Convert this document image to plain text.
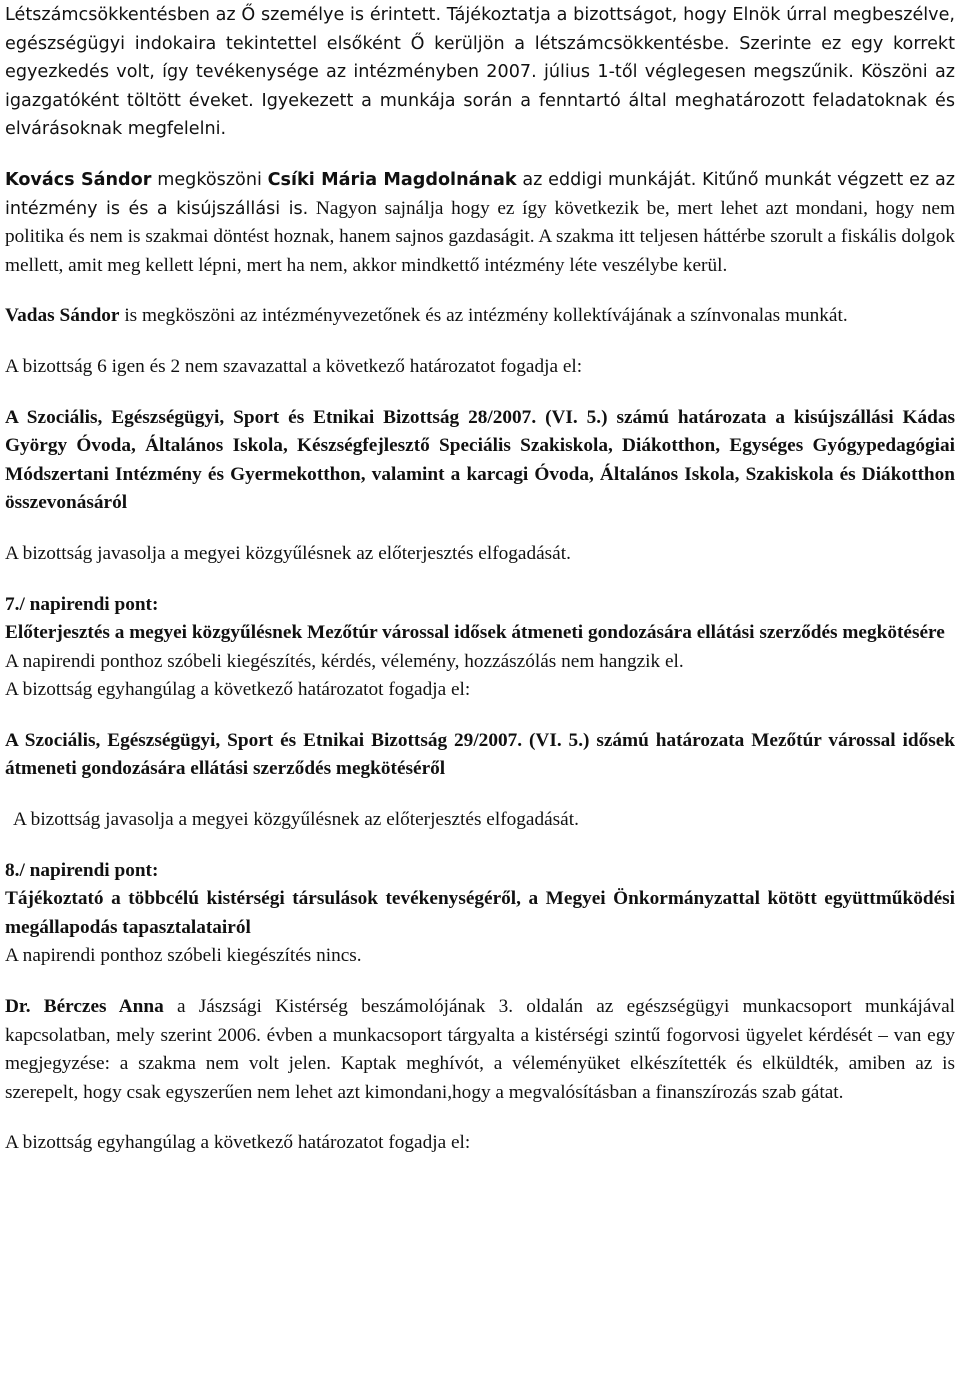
Létszámcsökkentésben az Ő személye is érintett. Tájékoztatja a bizottságot, hogy Elnök úrral megbeszélve, egészségügyi indokaira tekintettel elsőként Ő kerüljön a létszámcsökkentésbe. Szerinte ez egy korrekt egyezkedés volt, így tevékenysége az intézményben 2007. július 1-től véglegesen megszűnik. Köszöni az igazgatóként töltött éveket. Igyekezett a munkája során a fenntartó által meghatározott feladatoknak és elvárásoknak megfelelni.

Kovács Sándor megköszöni Csíki Mária Magdolnának az eddigi munkáját. Kitűnő munkát végzett ez az intézmény is és a kisújszállási is. Nagyon sajnálja hogy ez így következik be, mert lehet azt mondani, hogy nem politika és nem is szakmai döntést hoznak, hanem sajnos gazdaságit. A szakma itt teljesen háttérbe szorult a fiskális dolgok mellett, amit meg kellett lépni, mert ha nem, akkor mindkettő intézmény léte veszélybe kerül.

Vadas Sándor is megköszöni az intézményvezetőnek és az intézmény kollektívájának a színvonalas munkát.

A bizottság 6 igen és 2 nem szavazattal a következő határozatot fogadja el:

A Szociális, Egészségügyi, Sport és Etnikai Bizottság 28/2007. (VI. 5.) számú határozata a kisújszállási Kádas György Óvoda, Általános Iskola, Készségfejlesztő Speciális Szakiskola, Diákotthon, Egységes Gyógypedagógiai Módszertani Intézmény és Gyermekotthon, valamint a karcagi Óvoda, Általános Iskola, Szakiskola és Diákotthon összevonásáról

A bizottság javasolja a megyei közgyűlésnek az előterjesztés elfogadását.

7./ napirendi pont:

Előterjesztés a megyei közgyűlésnek Mezőtúr várossal idősek átmeneti gondozására ellátási szerződés megkötésére

A napirendi ponthoz szóbeli kiegészítés, kérdés, vélemény, hozzászólás nem hangzik el.

A bizottság egyhangúlag a következő határozatot fogadja el:

A Szociális, Egészségügyi, Sport és Etnikai Bizottság 29/2007. (VI. 5.) számú határozata Mezőtúr várossal idősek átmeneti gondozására ellátási szerződés megkötéséről

A bizottság javasolja a megyei közgyűlésnek az előterjesztés elfogadását.

8./ napirendi pont:

Tájékoztató a többcélú kistérségi társulások tevékenységéről, a Megyei Önkormányzattal kötött együttműködési megállapodás tapasztalatairól

A napirendi ponthoz szóbeli kiegészítés nincs.

Dr. Bérczes Anna a Jászsági Kistérség beszámolójának 3. oldalán az egészségügyi munkacsoport munkájával kapcsolatban, mely szerint 2006. évben a munkacsoport tárgyalta a kistérségi szintű fogorvosi ügyelet kérdését – van egy megjegyzése: a szakma nem volt jelen. Kaptak meghívót, a véleményüket elkészítették és elküldték, amiben az is szerepelt, hogy csak egyszerűen nem lehet azt kimondani,hogy a megvalósításban a finanszírozás szab gátat.

A bizottság egyhangúlag a következő határozatot fogadja el:
